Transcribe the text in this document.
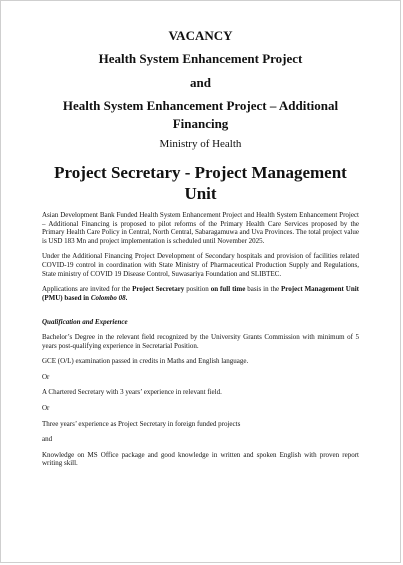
VACANCY
Health System Enhancement Project
and
Health System Enhancement Project – Additional
Financing
Ministry of Health
Project Secretary - Project Management
Unit

Asian Development Bank Funded Health System Enhancement Project and Health System Enhancement Project – Additional Financing is proposed to pilot reforms of the Primary Health Care Services proposed by the Primary Health Care Policy in Central, North Central, Sabaragamuwa and Uva Provinces. The total project value is USD 183 Mn and project implementation is scheduled until November 2025.

Under the Additional Financing Project Development of Secondary hospitals and provision of facilities related COVID-19 control in coordination with State Ministry of Pharmaceutical Production Supply and Regulations, State ministry of COVID 19 Disease Control, Suwasariya Foundation and SLIBTEC.

Applications are invited for the Project Secretary position on full time basis in the Project Management Unit (PMU) based in Colombo 08.

Qualification and Experience

Bachelor’s Degree in the relevant field recognized by the University Grants Commission with minimum of 5 years post-qualifying experience in Secretarial Position.

GCE (O/L) examination passed in credits in Maths and English language.

Or

A Chartered Secretary with 3 years’ experience in relevant field.

Or

Three years’ experience as Project Secretary in foreign funded projects

and

Knowledge on MS Office package and good knowledge in written and spoken English with proven report writing skill.
